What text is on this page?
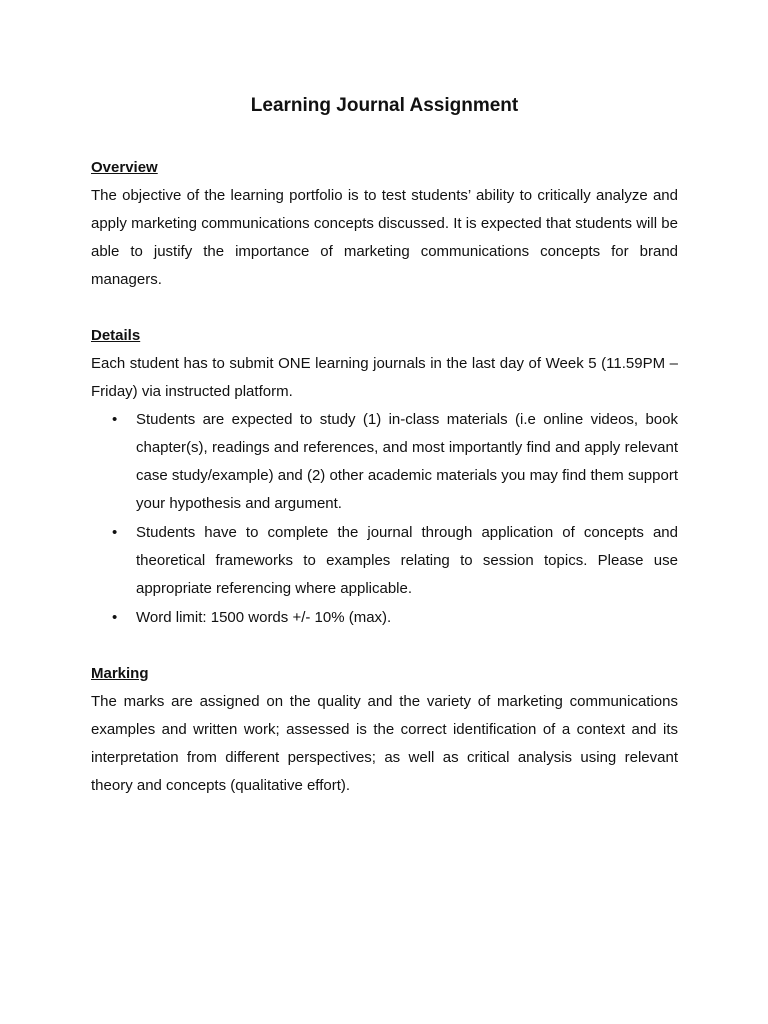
Learning Journal Assignment

Overview

The objective of the learning portfolio is to test students’ ability to critically analyze and apply marketing communications concepts discussed. It is expected that students will be able to justify the importance of marketing communications concepts for brand managers.

Details

Each student has to submit ONE learning journals in the last day of Week 5 (11.59PM – Friday) via instructed platform.

• Students are expected to study (1) in-class materials (i.e online videos, book chapter(s), readings and references, and most importantly find and apply relevant case study/example) and (2) other academic materials you may find them support your hypothesis and argument.
• Students have to complete the journal through application of concepts and theoretical frameworks to examples relating to session topics. Please use appropriate referencing where applicable.
• Word limit: 1500 words +/- 10% (max).

Marking

The marks are assigned on the quality and the variety of marketing communications examples and written work; assessed is the correct identification of a context and its interpretation from different perspectives; as well as critical analysis using relevant theory and concepts (qualitative effort).
